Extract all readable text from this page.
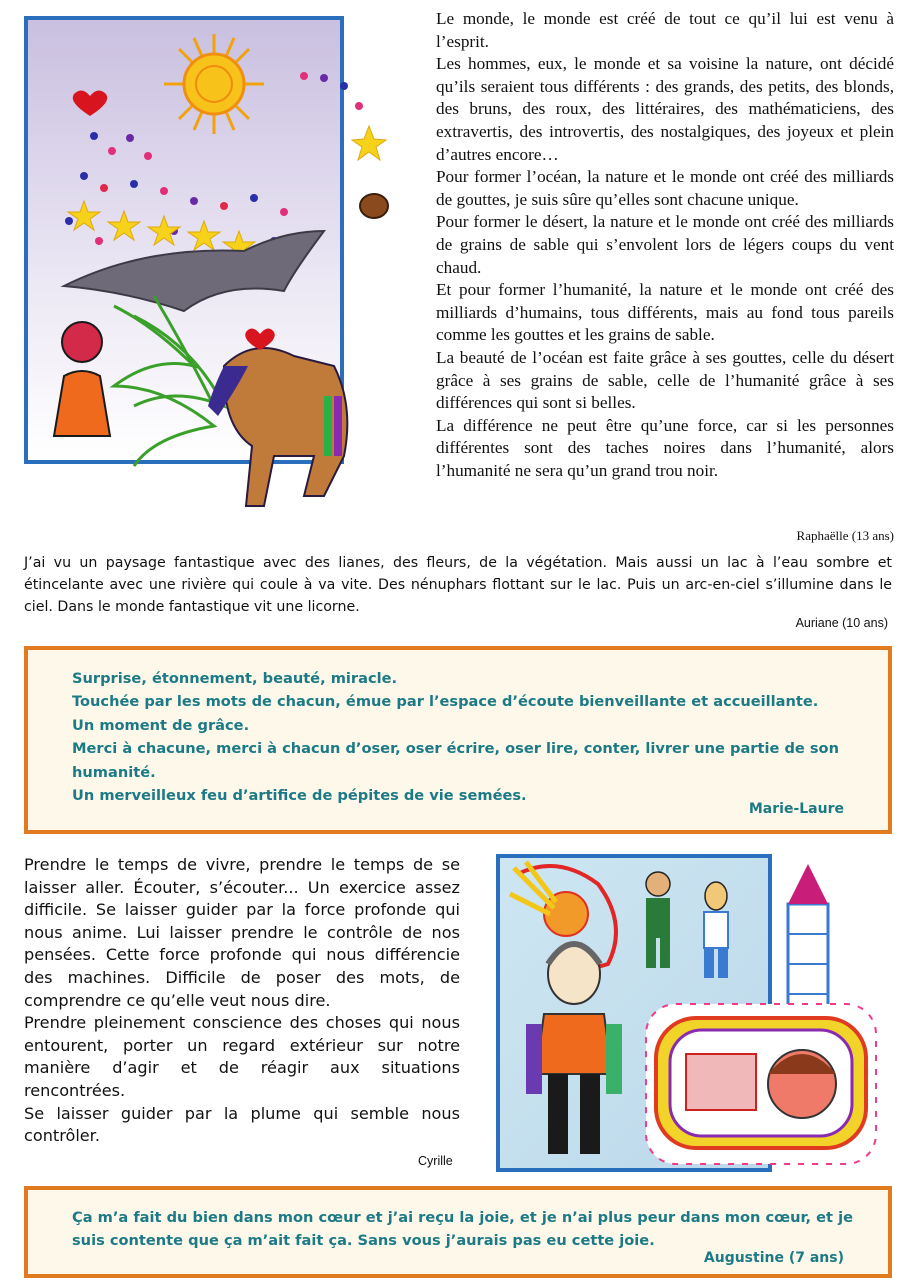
Le monde, le monde est créé de tout ce qu’il lui est venu à l’esprit.

Les hommes, eux, le monde et sa voisine la nature, ont décidé qu’ils seraient tous différents : des grands, des petits, des blonds, des bruns, des roux, des littéraires, des mathématiciens, des extravertis, des introvertis, des nostalgiques, des joyeux et plein d’autres encore…

Pour former l’océan, la nature et le monde ont créé des milliards de gouttes, je suis sûre qu’elles sont chacune unique.

Pour former le désert, la nature et le monde ont créé des milliards de grains de sable qui s’envolent lors de légers coups du vent chaud.

Et pour former l’humanité, la nature et le monde ont créé des milliards d’humains, tous différents, mais au fond tous pareils comme les gouttes et les grains de sable.

La beauté de l’océan est faite grâce à ses gouttes, celle du désert grâce à ses grains de sable, celle de l’humanité grâce à ses différences qui sont si belles.

La différence ne peut être qu’une force, car si les personnes différentes sont des taches noires dans l’humanité, alors l’humanité ne sera qu’un grand trou noir.

Raphaëlle (13 ans)
J’ai vu un paysage fantastique avec des lianes, des fleurs, de la végétation. Mais aussi un lac à l’eau sombre et étincelante avec une rivière qui coule à va vite. Des nénuphars flottant sur le lac. Puis un arc-en-ciel s’illumine dans le ciel. Dans le monde fantastique vit une licorne.
Auriane (10 ans)
Surprise, étonnement, beauté, miracle.
Touchée par les mots de chacun, émue par l’espace d’écoute bienveillante et accueillante.
Un moment de grâce.
Merci à chacune, merci à chacun d’oser, oser écrire, oser lire, conter, livrer une partie de son humanité.
Un merveilleux feu d’artifice de pépites de vie semées.
Marie-Laure

Prendre le temps de vivre, prendre le temps de se laisser aller. Écouter, s’écouter... Un exercice assez difficile. Se laisser guider par la force profonde qui nous anime. Lui laisser prendre le contrôle de nos pensées. Cette force profonde qui nous différencie des machines. Difficile de poser des mots, de comprendre ce qu’elle veut nous dire.

Prendre pleinement conscience des choses qui nous entourent, porter un regard extérieur sur notre manière d’agir et de réagir aux situations rencontrées.

Se laisser guider par la plume qui semble nous contrôler.

Cyrille
Ça m’a fait du bien dans mon cœur et j’ai reçu la joie, et je n’ai plus peur dans mon cœur, et je suis contente que ça m’ait fait ça. Sans vous j’aurais pas eu cette joie.
Augustine (7 ans)
